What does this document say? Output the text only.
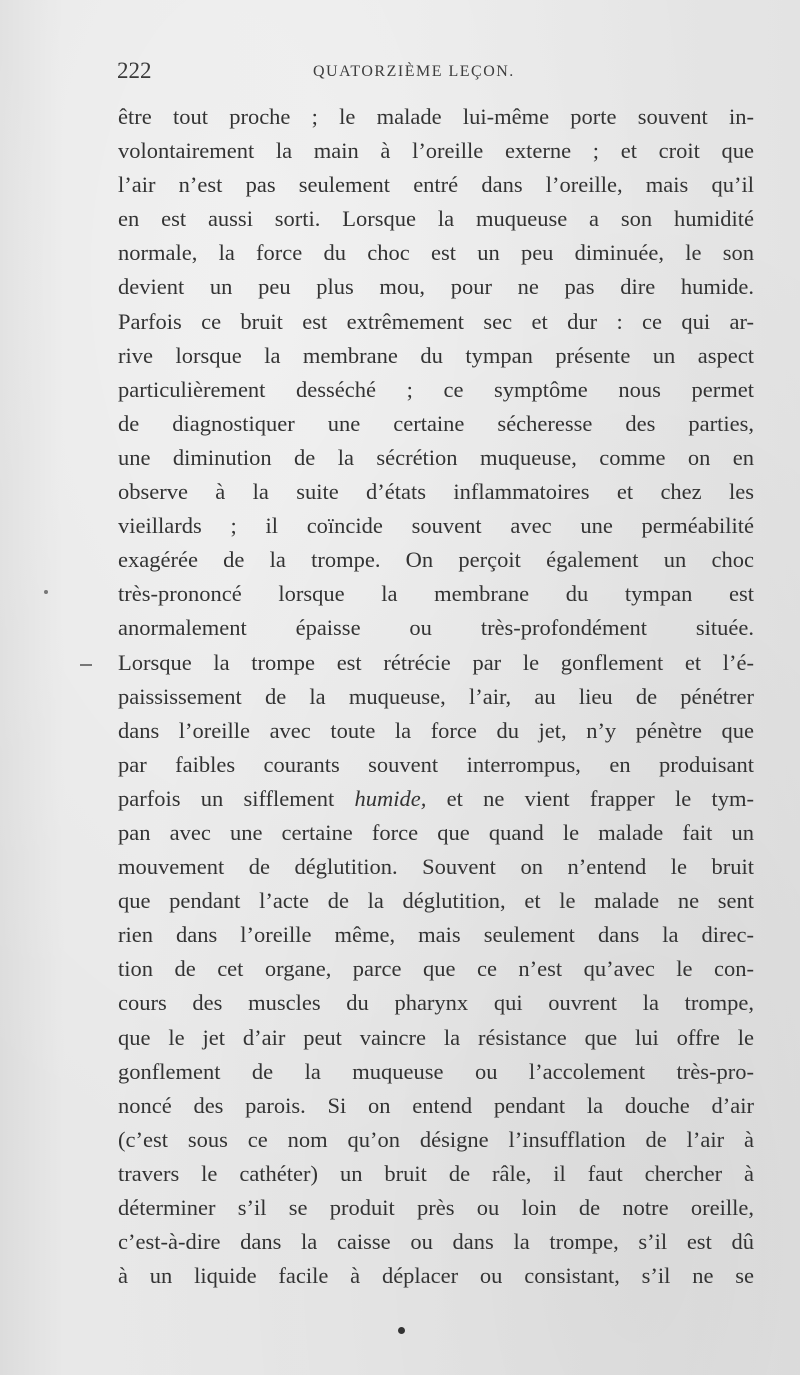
222	QUATORZIÈME LEÇON.
être tout proche ; le malade lui-même porte souvent in-
volontairement la main à l’oreille externe ; et croit que
l’air n’est pas seulement entré dans l’oreille, mais qu’il
en est aussi sorti. Lorsque la muqueuse a son humidité
normale, la force du choc est un peu diminuée, le son
devient un peu plus mou, pour ne pas dire humide.
Parfois ce bruit est extrêmement sec et dur : ce qui ar-
rive lorsque la membrane du tympan présente un aspect
particulièrement desséché ; ce symptôme nous permet
de diagnostiquer une certaine sécheresse des parties,
une diminution de la sécrétion muqueuse, comme on en
observe à la suite d’états inflammatoires et chez les
vieillards ; il coïncide souvent avec une perméabilité
exagérée de la trompe. On perçoit également un choc
très-prononcé lorsque la membrane du tympan est
anormalement épaisse ou très-profondément située.
Lorsque la trompe est rétrécie par le gonflement et l’é-
paississement de la muqueuse, l’air, au lieu de pénétrer
dans l’oreille avec toute la force du jet, n’y pénètre que
par faibles courants souvent interrompus, en produisant
parfois un sifflement humide, et ne vient frapper le tym-
pan avec une certaine force que quand le malade fait un
mouvement de déglutition. Souvent on n’entend le bruit
que pendant l’acte de la déglutition, et le malade ne sent
rien dans l’oreille même, mais seulement dans la direc-
tion de cet organe, parce que ce n’est qu’avec le con-
cours des muscles du pharynx qui ouvrent la trompe,
que le jet d’air peut vaincre la résistance que lui offre le
gonflement de la muqueuse ou l’accolement très-pro-
noncé des parois. Si on entend pendant la douche d’air
(c’est sous ce nom qu’on désigne l’insufflation de l’air à
travers le cathéter) un bruit de râle, il faut chercher à
déterminer s’il se produit près ou loin de notre oreille,
c’est-à-dire dans la caisse ou dans la trompe, s’il est dû
à un liquide facile à déplacer ou consistant, s’il ne se
